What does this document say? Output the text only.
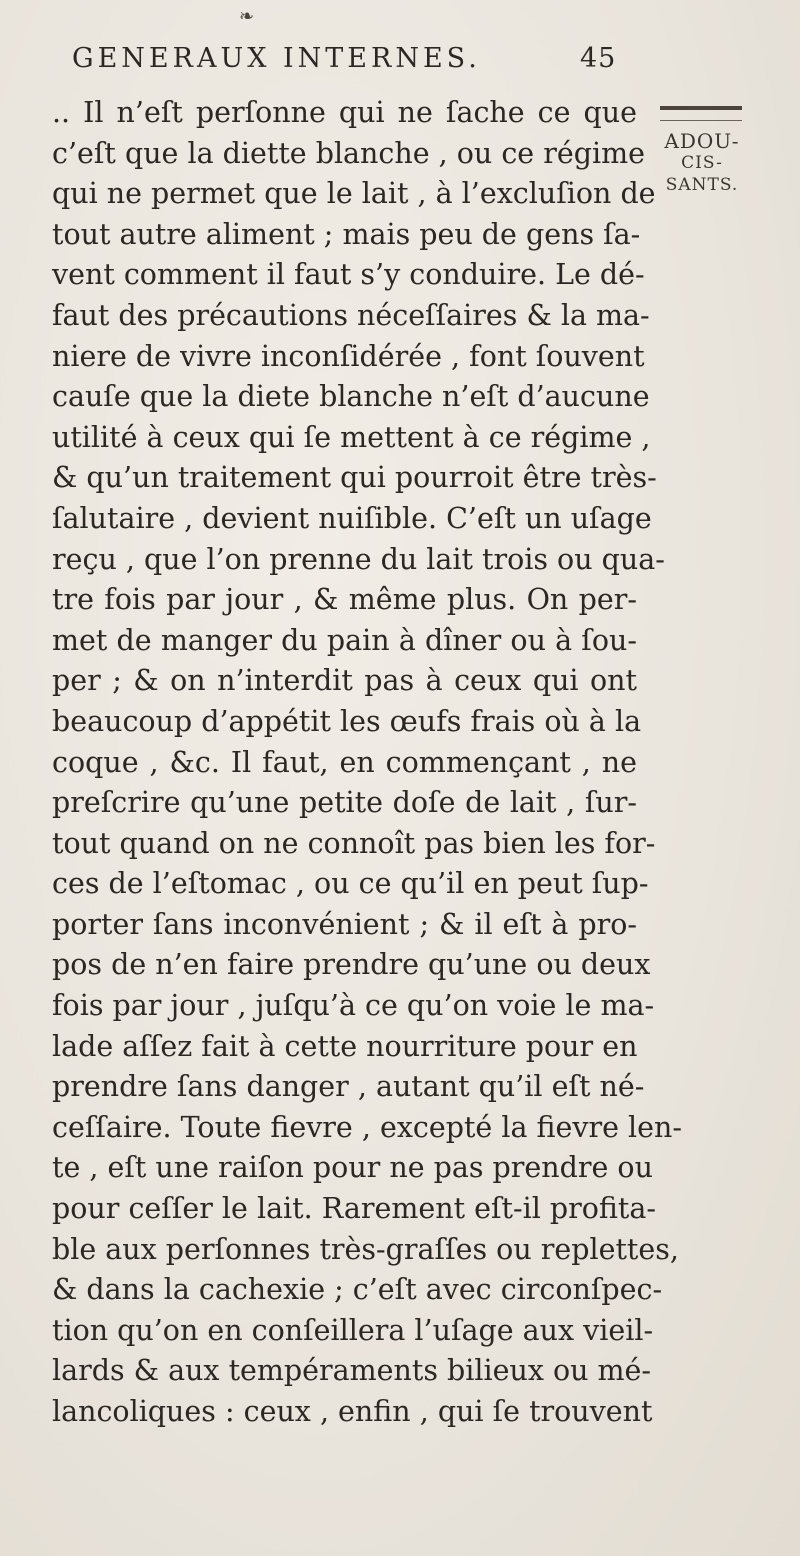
❧
GENERAUX INTERNES.	45
ADOU-
CIS-
SANTS.
.. Il n’eſt perſonne qui ne ſache ce que
c’eſt que la diette blanche , ou ce régime
qui ne permet que le lait , à l’excluſion de
tout autre aliment ; mais peu de gens ſa-
vent comment il faut s’y conduire. Le dé-
faut des précautions néceſſaires & la ma-
niere de vivre inconſidérée , font ſouvent
cauſe que la diete blanche n’eſt d’aucune
utilité à ceux qui ſe mettent à ce régime ,
& qu’un traitement qui pourroit être très-
ſalutaire , devient nuiſible. C’eſt un uſage
reçu , que l’on prenne du lait trois ou qua-
tre fois par jour , & même plus. On per-
met de manger du pain à dîner ou à ſou-
per ; & on n’interdit pas à ceux qui ont
beaucoup d’appétit les œufs frais où à la
coque , &c. Il faut, en commençant , ne
preſcrire qu’une petite doſe de lait , ſur-
tout quand on ne connoît pas bien les for-
ces de l’eſtomac , ou ce qu’il en peut ſup-
porter ſans inconvénient ; & il eſt à pro-
pos de n’en faire prendre qu’une ou deux
fois par jour , juſqu’à ce qu’on voie le ma-
lade aſſez fait à cette nourriture pour en
prendre ſans danger , autant qu’il eſt né-
ceſſaire. Toute fievre , excepté la fievre len-
te , eſt une raiſon pour ne pas prendre ou
pour ceſſer le lait. Rarement eſt-il profita-
ble aux perſonnes très-graſſes ou replettes,
& dans la cachexie ; c’eſt avec circonſpec-
tion qu’on en conſeillera l’uſage aux vieil-
lards & aux tempéraments bilieux ou mé-
lancoliques : ceux , enfin , qui ſe trouvent
